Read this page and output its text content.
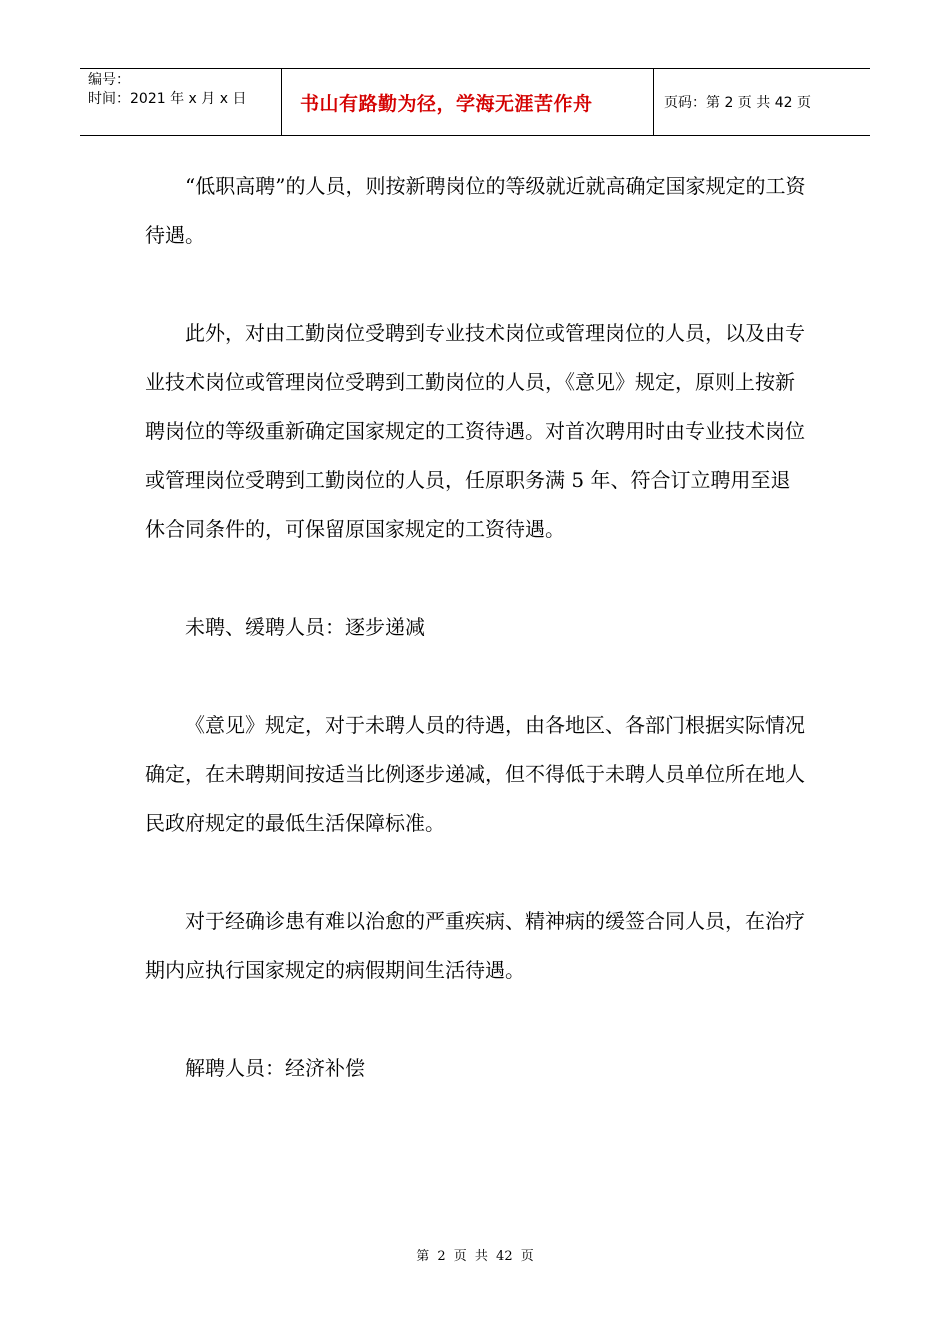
编号：
时间：2021 年 x 月 x 日	书山有路勤为径，学海无涯苦作舟	页码：第 2 页 共 42 页

“低职高聘”的人员，则按新聘岗位的等级就近就高确定国家规定的工资待遇。

此外，对由工勤岗位受聘到专业技术岗位或管理岗位的人员，以及由专业技术岗位或管理岗位受聘到工勤岗位的人员，《意见》规定，原则上按新聘岗位的等级重新确定国家规定的工资待遇。对首次聘用时由专业技术岗位或管理岗位受聘到工勤岗位的人员，任原职务满 5 年、符合订立聘用至退休合同条件的，可保留原国家规定的工资待遇。

未聘、缓聘人员：逐步递减

《意见》规定，对于未聘人员的待遇，由各地区、各部门根据实际情况确定，在未聘期间按适当比例逐步递减，但不得低于未聘人员单位所在地人民政府规定的最低生活保障标准。

对于经确诊患有难以治愈的严重疾病、精神病的缓签合同人员，在治疗期内应执行国家规定的病假期间生活待遇。

解聘人员：经济补偿

第 2 页 共 42 页
